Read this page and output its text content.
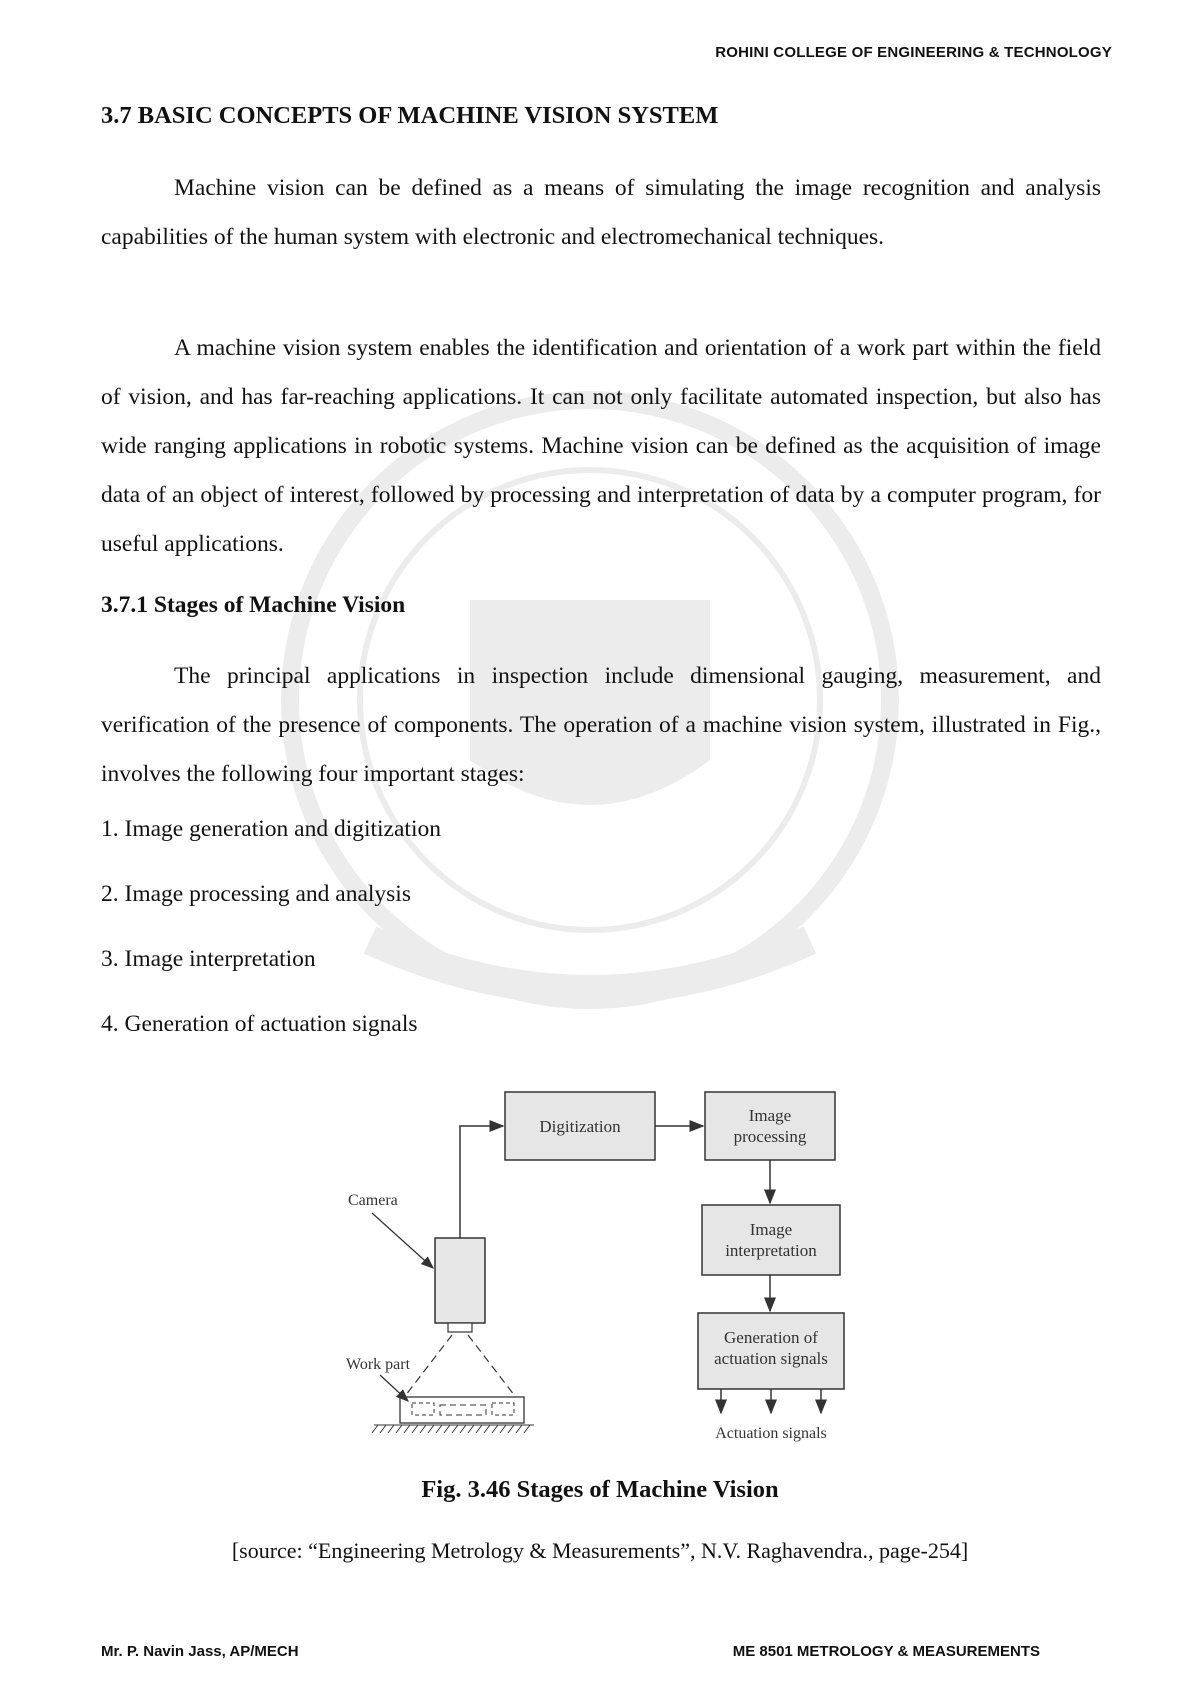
ROHINI COLLEGE OF ENGINEERING & TECHNOLOGY
3.7 BASIC CONCEPTS OF MACHINE VISION SYSTEM

Machine vision can be defined as a means of simulating the image recognition and analysis capabilities of the human system with electronic and electromechanical techniques.

A machine vision system enables the identification and orientation of a work part within the field of vision, and has far-reaching applications. It can not only facilitate automated inspection, but also has wide ranging applications in robotic systems. Machine vision can be defined as the acquisition of image data of an object of interest, followed by processing and interpretation of data by a computer program, for useful applications.

3.7.1 Stages of Machine Vision

The principal applications in inspection include dimensional gauging, measurement, and verification of the presence of components. The operation of a machine vision system, illustrated in Fig., involves the following four important stages:

1. Image generation and digitization
2. Image processing and analysis
3. Image interpretation
4. Generation of actuation signals
Digitization
Image
processing
Image
interpretation
Generation of
actuation signals
Actuation signals
Camera
Work part
Fig. 3.46 Stages of Machine Vision
[source: “Engineering Metrology & Measurements”, N.V. Raghavendra., page-254]
Mr. P. Navin Jass, AP/MECH	ME 8501 METROLOGY & MEASUREMENTS
